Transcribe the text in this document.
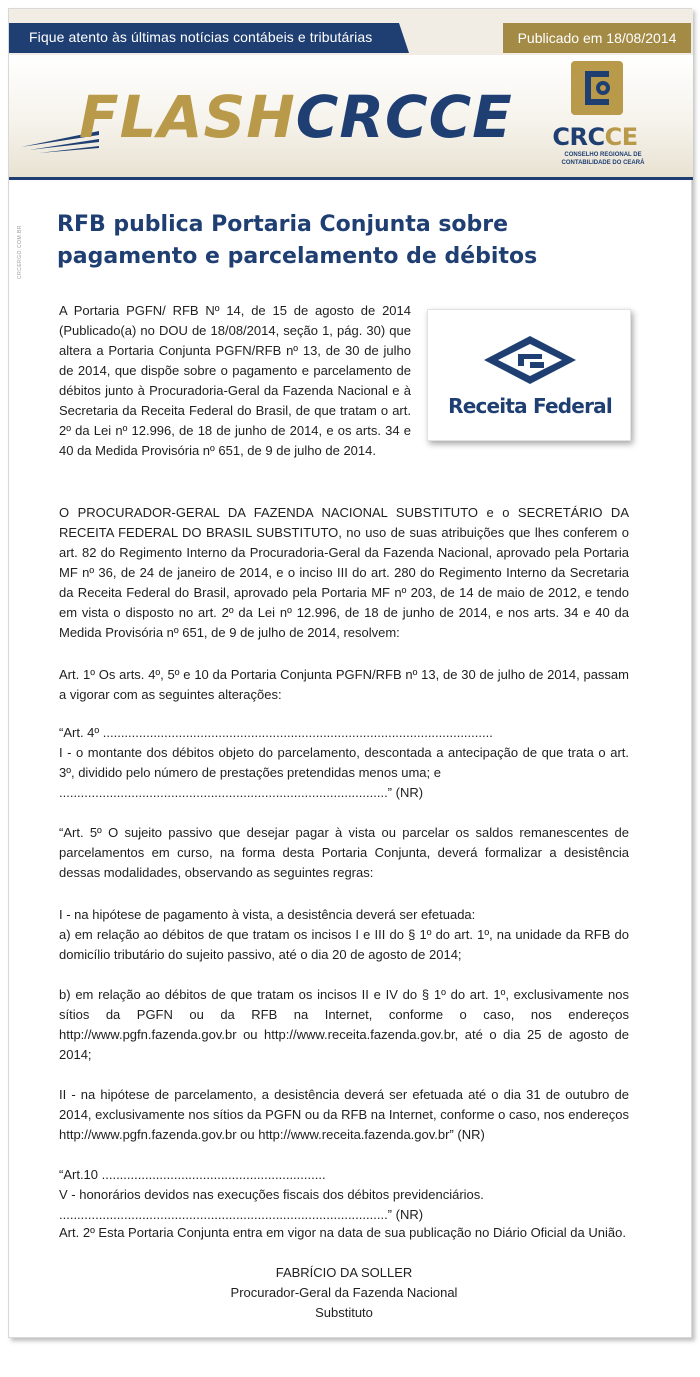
Fique atento às últimas notícias contábeis e tributárias	Publicado em 18/08/2014
FLASHCRCCE	CRCCE
CONSELHO REGIONAL DE CONTABILIDADE DO CEARÁ
CRCERGO.COM.BR
RFB publica Portaria Conjunta sobre pagamento e parcelamento de débitos
Receita Federal

A Portaria PGFN/ RFB Nº 14, de 15 de agosto de 2014 (Publicado(a) no DOU de 18/08/2014, seção 1, pág. 30) que altera a Portaria Conjunta PGFN/RFB nº 13, de 30 de julho de 2014, que dispõe sobre o pagamento e parcelamento de débitos junto à Procuradoria-Geral da Fazenda Nacional e à Secretaria da Receita Federal do Brasil, de que tratam o art. 2º da Lei nº 12.996, de 18 de junho de 2014, e os arts. 34 e 40 da Medida Provisória nº 651, de 9 de julho de 2014.

O PROCURADOR-GERAL DA FAZENDA NACIONAL SUBSTITUTO e o SECRETÁRIO DA RECEITA FEDERAL DO BRASIL SUBSTITUTO, no uso de suas atribuições que lhes conferem o art. 82 do Regimento Interno da Procuradoria-Geral da Fazenda Nacional, aprovado pela Portaria MF nº 36, de 24 de janeiro de 2014, e o inciso III do art. 280 do Regimento Interno da Secretaria da Receita Federal do Brasil, aprovado pela Portaria MF nº 203, de 14 de maio de 2012, e tendo em vista o disposto no art. 2º da Lei nº 12.996, de 18 de junho de 2014, e nos arts. 34 e 40 da Medida Provisória nº 651, de 9 de julho de 2014, resolvem:

Art. 1º Os arts. 4º, 5º e 10 da Portaria Conjunta PGFN/RFB nº 13, de 30 de julho de 2014, passam a vigorar com as seguintes alterações:

“Art. 4º ............................................................................................................

I - o montante dos débitos objeto do parcelamento, descontada a antecipação de que trata o art. 3º, dividido pelo número de prestações pretendidas menos uma; e

...........................................................................................” (NR)

“Art. 5º O sujeito passivo que desejar pagar à vista ou parcelar os saldos remanescentes de parcelamentos em curso, na forma desta Portaria Conjunta, deverá formalizar a desistência dessas modalidades, observando as seguintes regras:

I - na hipótese de pagamento à vista, a desistência deverá ser efetuada:

a) em relação ao débitos de que tratam os incisos I e III do § 1º do art. 1º, na unidade da RFB do domicílio tributário do sujeito passivo, até o dia 20 de agosto de 2014;

b) em relação ao débitos de que tratam os incisos II e IV do § 1º do art. 1º, exclusivamente nos sítios da PGFN ou da RFB na Internet, conforme o caso, nos endereços http://www.pgfn.fazenda.gov.br ou http://www.receita.fazenda.gov.br, até o dia 25 de agosto de 2014;

II - na hipótese de parcelamento, a desistência deverá ser efetuada até o dia 31 de outubro de 2014, exclusivamente nos sítios da PGFN ou da RFB na Internet, conforme o caso, nos endereços http://www.pgfn.fazenda.gov.br ou http://www.receita.fazenda.gov.br” (NR)

“Art.10 ..............................................................

V - honorários devidos nas execuções fiscais dos débitos previdenciários.

...........................................................................................” (NR)

Art. 2º Esta Portaria Conjunta entra em vigor na data de sua publicação no Diário Oficial da União.

FABRÍCIO DA SOLLER

Procurador-Geral da Fazenda Nacional

Substituto
